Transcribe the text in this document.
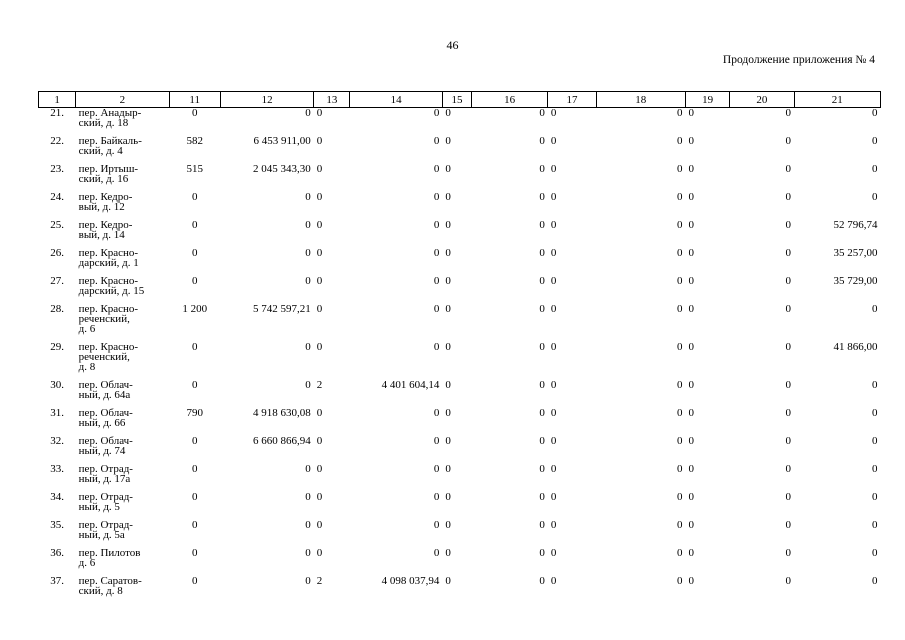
46
Продолжение приложения № 4
1	2	11	12	13	14	15	16	17	18	19	20	21
21.	пер. Анадыр-
ский, д. 18	0	0	0	0	0	0	0	0	0	0	0
22.	пер. Байкаль-
ский, д. 4	582	6 453 911,00	0	0	0	0	0	0	0	0	0
23.	пер. Иртыш-
ский, д. 16	515	2 045 343,30	0	0	0	0	0	0	0	0	0
24.	пер. Кедро-
вый, д. 12	0	0	0	0	0	0	0	0	0	0	0
25.	пер. Кедро-
вый, д. 14	0	0	0	0	0	0	0	0	0	0	52 796,74
26.	пер. Красно-
дарский, д. 1	0	0	0	0	0	0	0	0	0	0	35 257,00
27.	пер. Красно-
дарский, д. 15	0	0	0	0	0	0	0	0	0	0	35 729,00
28.	пер. Красно-
реченский,
д. 6	1 200	5 742 597,21	0	0	0	0	0	0	0	0	0
29.	пер. Красно-
реченский,
д. 8	0	0	0	0	0	0	0	0	0	0	41 866,00
30.	пер. Облач-
ный, д. 64а	0	0	2	4 401 604,14	0	0	0	0	0	0	0
31.	пер. Облач-
ный, д. 66	790	4 918 630,08	0	0	0	0	0	0	0	0	0
32.	пер. Облач-
ный, д. 74	0	6 660 866,94	0	0	0	0	0	0	0	0	0
33.	пер. Отрад-
ный, д. 17а	0	0	0	0	0	0	0	0	0	0	0
34.	пер. Отрад-
ный, д. 5	0	0	0	0	0	0	0	0	0	0	0
35.	пер. Отрад-
ный, д. 5а	0	0	0	0	0	0	0	0	0	0	0
36.	пер. Пилотов
д. 6	0	0	0	0	0	0	0	0	0	0	0
37.	пер. Саратов-
ский, д. 8	0	0	2	4 098 037,94	0	0	0	0	0	0	0
